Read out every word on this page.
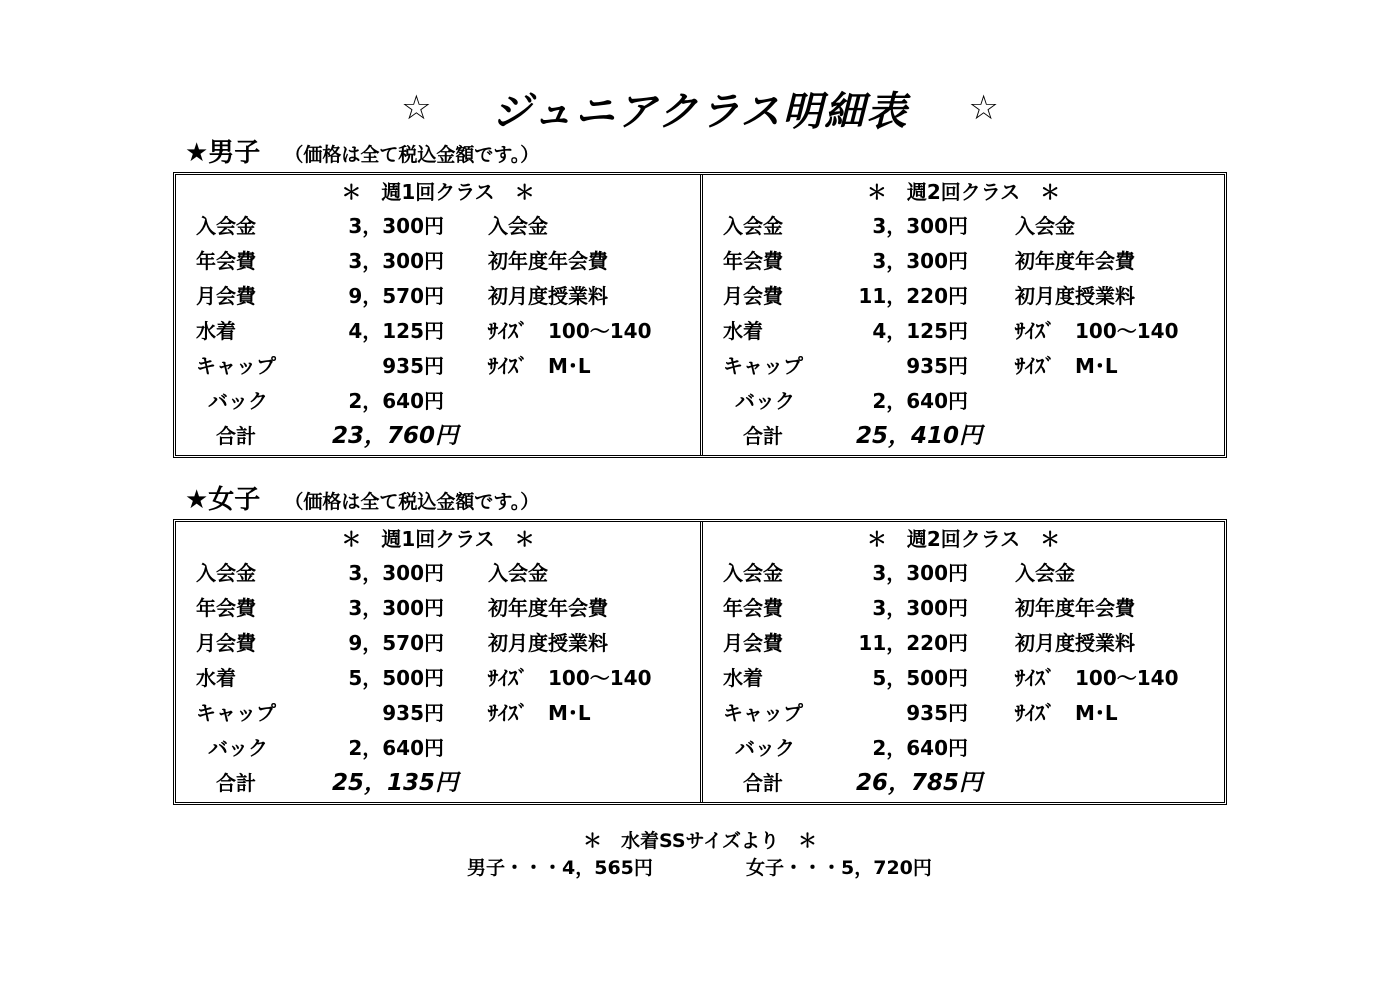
☆ ジュニアクラス明細表 ☆
★男子 （価格は全て税込金額です。）
＊　週1回クラス　＊
入会金	3，300円 入会金
年会費	3，300円 初年度年会費
月会費	9，570円 初月度授業料
水着	4，125円 ｻｲｽﾞ　100～140
キャップ	935円 ｻｲｽﾞ　M･L
バック	2，640円
合計	23，760円
＊　週2回クラス　＊
入会金	3，300円 入会金
年会費	3，300円 初年度年会費
月会費	11，220円 初月度授業料
水着	4，125円 ｻｲｽﾞ　100～140
キャップ	935円 ｻｲｽﾞ　M･L
バック	2，640円
合計	25，410円
★女子 （価格は全て税込金額です。）
＊　週1回クラス　＊
入会金	3，300円 入会金
年会費	3，300円 初年度年会費
月会費	9，570円 初月度授業料
水着	5，500円 ｻｲｽﾞ　100～140
キャップ	935円 ｻｲｽﾞ　M･L
バック	2，640円
合計	25，135円
＊　週2回クラス　＊
入会金	3，300円 入会金
年会費	3，300円 初年度年会費
月会費	11，220円 初月度授業料
水着	5，500円 ｻｲｽﾞ　100～140
キャップ	935円 ｻｲｽﾞ　M･L
バック	2，640円
合計	26，785円
＊　水着SSサイズより　＊
男子・・・4，565円	女子・・・5，720円
